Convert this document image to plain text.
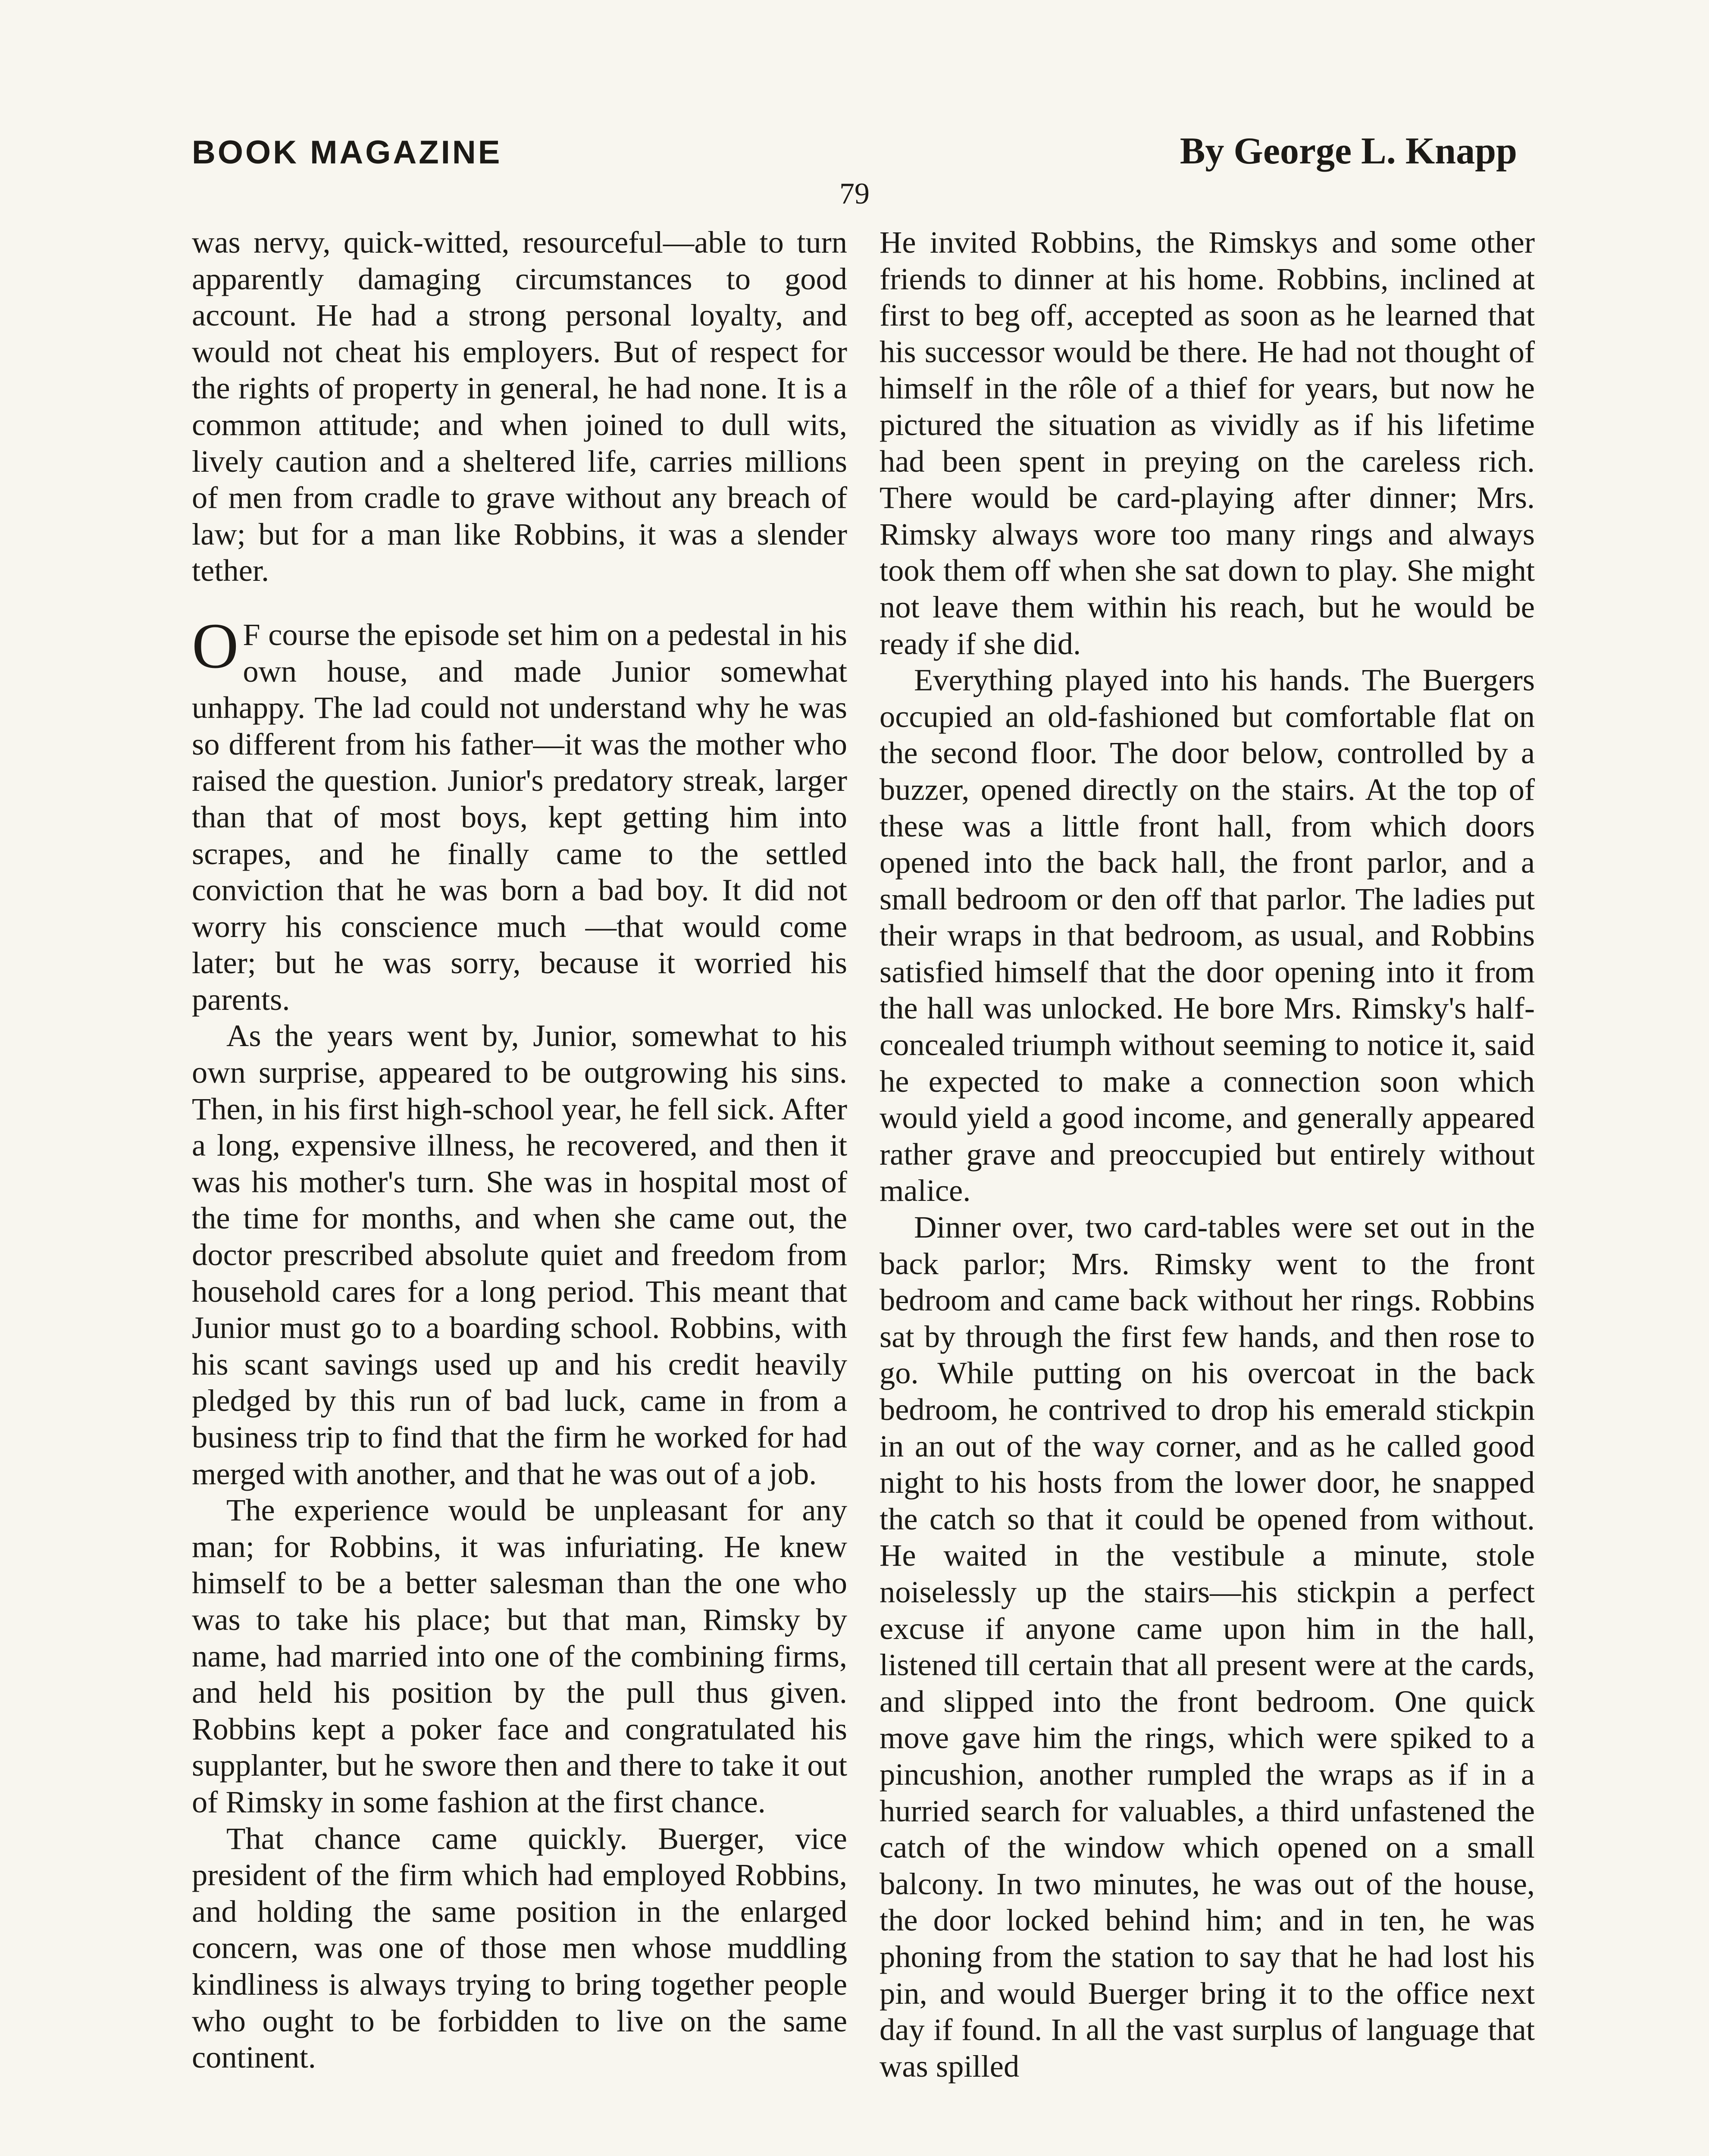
BOOK MAGAZINE	By George L. Knapp
79

was nervy, quick-witted, resourceful—able to turn apparently damaging circumstances to good account. He had a strong personal loyalty, and would not cheat his employers. But of respect for the rights of property in general, he had none. It is a common attitude; and when joined to dull wits, lively caution and a sheltered life, carries millions of men from cradle to grave without any breach of law; but for a man like Robbins, it was a slender tether.

O F course the episode set him on a pedestal in his own house, and made Junior somewhat unhappy. The lad could not understand why he was so different from his father—it was the mother who raised the question. Junior's predatory streak, larger than that of most boys, kept getting him into scrapes, and he finally came to the settled conviction that he was born a bad boy. It did not worry his conscience much —that would come later; but he was sorry, because it worried his parents.

As the years went by, Junior, somewhat to his own surprise, appeared to be outgrowing his sins. Then, in his first high-school year, he fell sick. After a long, expensive illness, he recovered, and then it was his mother's turn. She was in hospital most of the time for months, and when she came out, the doctor prescribed absolute quiet and freedom from household cares for a long period. This meant that Junior must go to a boarding school. Robbins, with his scant savings used up and his credit heavily pledged by this run of bad luck, came in from a business trip to find that the firm he worked for had merged with another, and that he was out of a job.

The experience would be unpleasant for any man; for Robbins, it was infuriating. He knew himself to be a better salesman than the one who was to take his place; but that man, Rimsky by name, had married into one of the combining firms, and held his position by the pull thus given. Robbins kept a poker face and congratulated his supplanter, but he swore then and there to take it out of Rimsky in some fashion at the first chance.

That chance came quickly. Buerger, vice president of the firm which had employed Robbins, and holding the same position in the enlarged concern, was one of those men whose muddling kindliness is always trying to bring together people who ought to be forbidden to live on the same continent.

He invited Robbins, the Rimskys and some other friends to dinner at his home. Robbins, inclined at first to beg off, accepted as soon as he learned that his successor would be there. He had not thought of himself in the rôle of a thief for years, but now he pictured the situation as vividly as if his lifetime had been spent in preying on the careless rich. There would be card-playing after dinner; Mrs. Rimsky always wore too many rings and always took them off when she sat down to play. She might not leave them within his reach, but he would be ready if she did.

Everything played into his hands. The Buergers occupied an old-fashioned but comfortable flat on the second floor. The door below, controlled by a buzzer, opened directly on the stairs. At the top of these was a little front hall, from which doors opened into the back hall, the front parlor, and a small bedroom or den off that parlor. The ladies put their wraps in that bedroom, as usual, and Robbins satisfied himself that the door opening into it from the hall was unlocked. He bore Mrs. Rimsky's half-concealed triumph without seeming to notice it, said he expected to make a connection soon which would yield a good income, and generally appeared rather grave and preoccupied but entirely without malice.

Dinner over, two card-tables were set out in the back parlor; Mrs. Rimsky went to the front bedroom and came back without her rings. Robbins sat by through the first few hands, and then rose to go. While putting on his overcoat in the back bedroom, he contrived to drop his emerald stickpin in an out of the way corner, and as he called good night to his hosts from the lower door, he snapped the catch so that it could be opened from without. He waited in the vestibule a minute, stole noiselessly up the stairs—his stickpin a perfect excuse if anyone came upon him in the hall, listened till certain that all present were at the cards, and slipped into the front bedroom. One quick move gave him the rings, which were spiked to a pincushion, another rumpled the wraps as if in a hurried search for valuables, a third unfastened the catch of the window which opened on a small balcony. In two minutes, he was out of the house, the door locked behind him; and in ten, he was phoning from the station to say that he had lost his pin, and would Buerger bring it to the office next day if found. In all the vast surplus of language that was spilled
